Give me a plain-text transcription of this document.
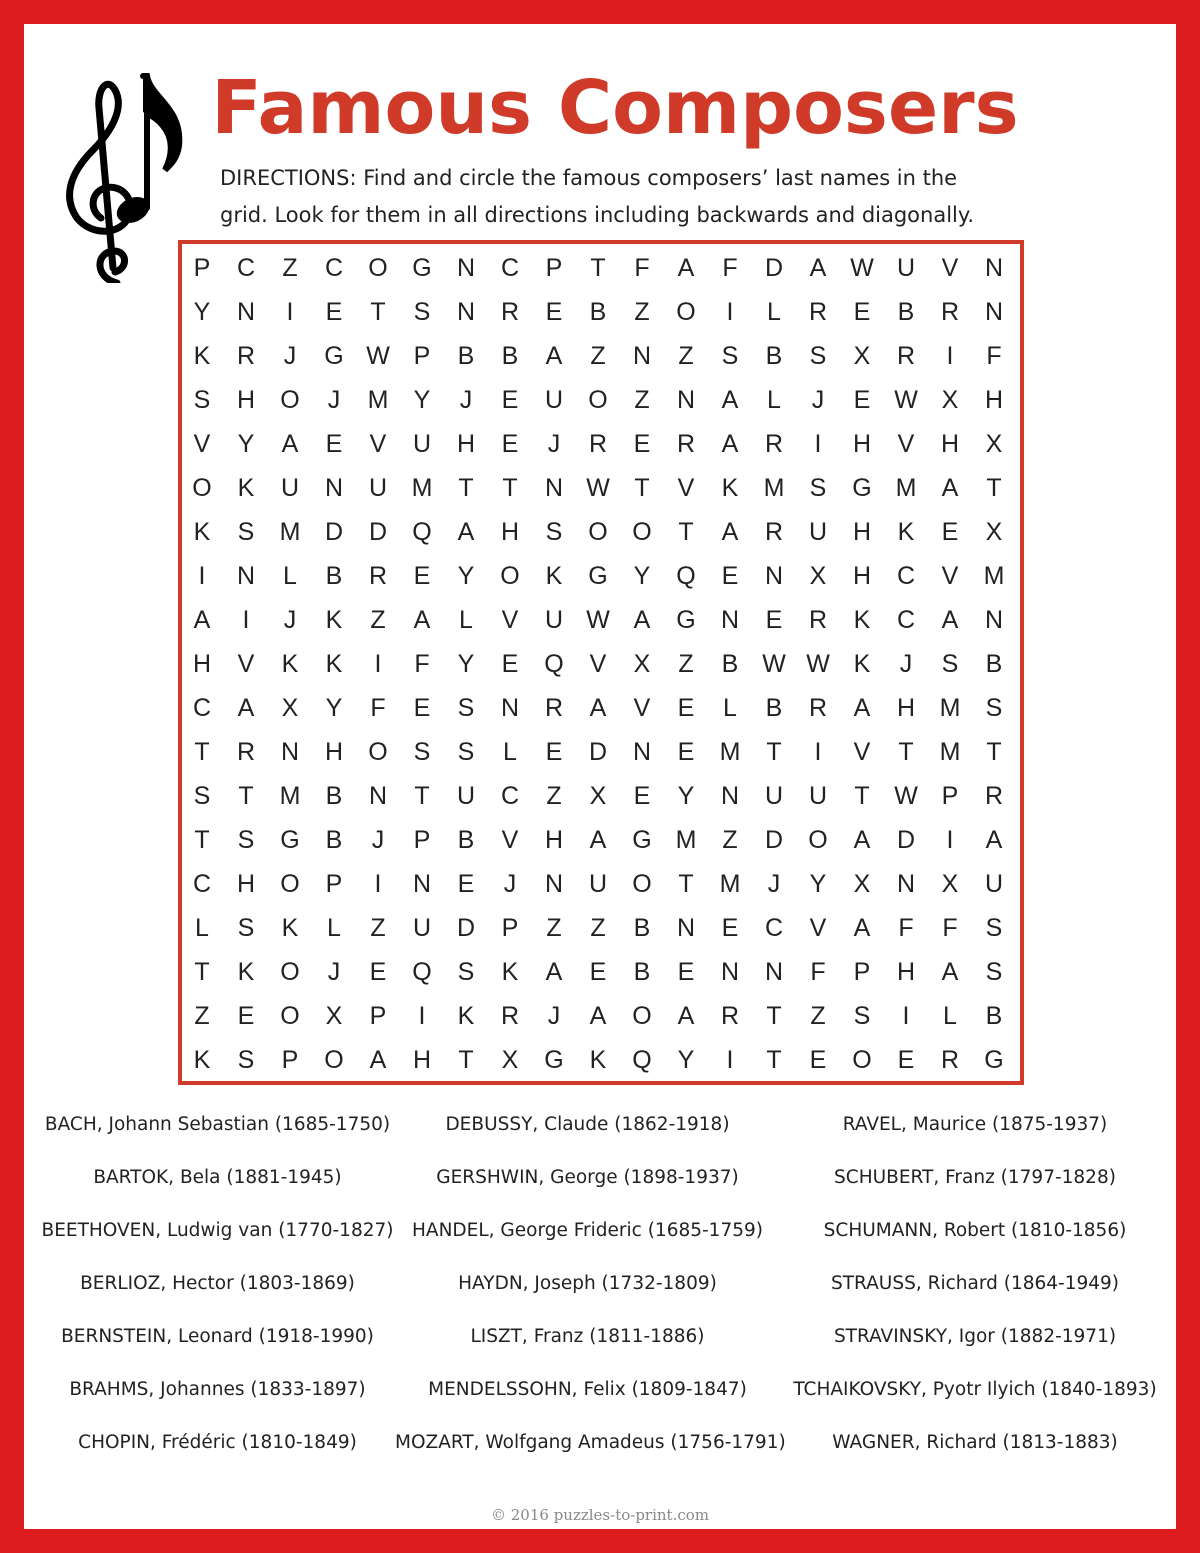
Famous Composers
DIRECTIONS: Find and circle the famous composers’ last names in the
grid. Look for them in all directions including backwards and diagonally.
P	C	Z	C	O G	N	C	P	T	F	A	F	D	A W U	V	N
Y	N	I	E	T	S	N	R	E	B	Z	O	I	L	R	E	B	R	N
K	R	J	G W P	B	B	A	Z	N	Z	S	B	S	X	R	I	F
S	H	O	J	M	Y	J	E	U	O	Z	N	A	L	J	E W X	H
V	Y	A	E	V	U	H	E	J	R	E	R	A	R	I	H	V	H	X
O	K	U	N	U M	T	T	N W T	V	K	M	S	G M	A	T
K	S	M D	D	Q	A	H	S	O O	T	A	R	U	H	K	E	X
I	N	L	B	R	E	Y	O	K	G	Y	Q	E	N	X	H	C	V	M
A	I	J	K	Z	A	L	V	U W A	G	N	E	R	K	C	A	N
H	V	K	K	I	F	Y	E	Q	V	X	Z	B W W K	J	S	B
C	A	X	Y	F	E	S	N	R	A	V	E	L	B	R	A	H M	S
T	R	N	H	O	S	S	L	E	D	N	E	M	T	I	V	T	M	T
S	T	M	B	N	T	U	C	Z	X	E	Y	N	U	U	T W P	R
T	S	G	B	J	P	B	V	H	A	G M	Z	D	O	A	D	I	A
C	H	O	P	I	N	E	J	N	U	O	T	M	J	Y	X	N	X	U
L	S	K	L	Z	U	D	P	Z	Z	B	N	E	C	V	A	F	F	S
T	K	O	J	E	Q	S	K	A	E	B	E	N	N	F	P	H	A	S
Z	E	O	X	P	I	K	R	J	A	O	A	R	T	Z	S	I	L	B
K	S	P	O	A	H	T	X	G	K	Q	Y	I	T	E	O	E	R	G
BACH, Johann Sebastian (1685-1750)	DEBUSSY, Claude (1862-1918)	RAVEL, Maurice (1875-1937)
BARTOK, Bela (1881-1945)	GERSHWIN, George (1898-1937)	SCHUBERT, Franz (1797-1828)
BEETHOVEN, Ludwig van (1770-1827)	HANDEL, George Frideric (1685-1759)	SCHUMANN, Robert (1810-1856)
BERLIOZ, Hector (1803-1869)	HAYDN, Joseph (1732-1809)	STRAUSS, Richard (1864-1949)
BERNSTEIN, Leonard (1918-1990)	LISZT, Franz (1811-1886)	STRAVINSKY, Igor (1882-1971)
BRAHMS, Johannes (1833-1897)	MENDELSSOHN, Felix (1809-1847)	TCHAIKOVSKY, Pyotr Ilyich (1840-1893)
CHOPIN, Frédéric (1810-1849)	MOZART, Wolfgang Amadeus (1756-1791)	WAGNER, Richard (1813-1883)
© 2016 puzzles-to-print.com
